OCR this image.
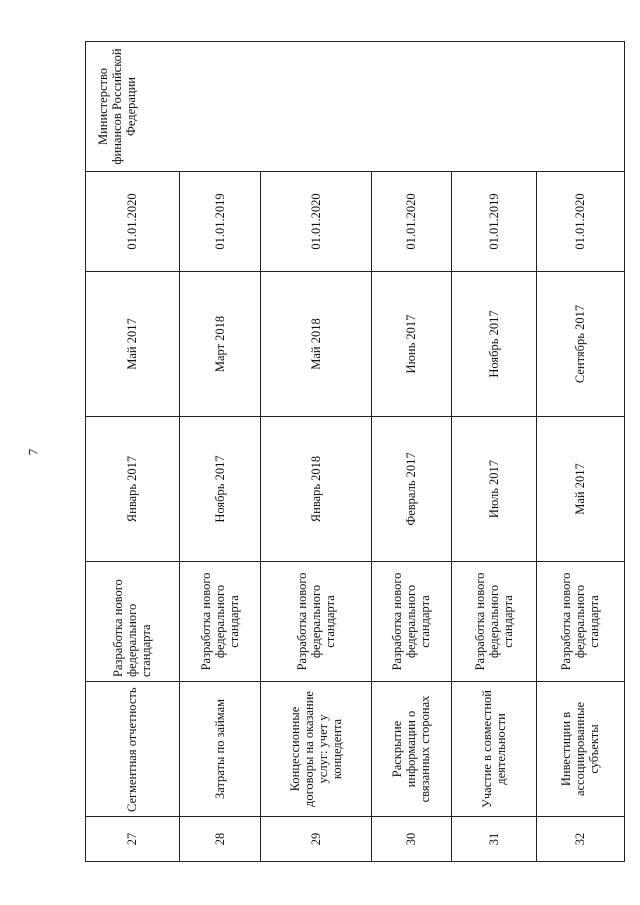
7
27	Сегментная отчетность	Разработка нового федерального стандарта	Январь 2017	Май 2017	01.01.2020	Министерство финансов Российской Федерации
28	Затраты по займам	Разработка нового федерального стандарта	Ноябрь 2017	Март 2018	01.01.2019	
29	Концессионные договоры на оказание услуг: учет у концедента	Разработка нового федерального стандарта	Январь 2018	Май 2018	01.01.2020	
30	Раскрытие информации о связанных сторонах	Разработка нового федерального стандарта	Февраль 2017	Июнь 2017	01.01.2020	
31	Участие в совместной деятельности	Разработка нового федерального стандарта	Июль 2017	Ноябрь 2017	01.01.2019	
32	Инвестиции в ассоциированные субъекты	Разработка нового федерального стандарта	Май 2017	Сентябрь 2017	01.01.2020	
